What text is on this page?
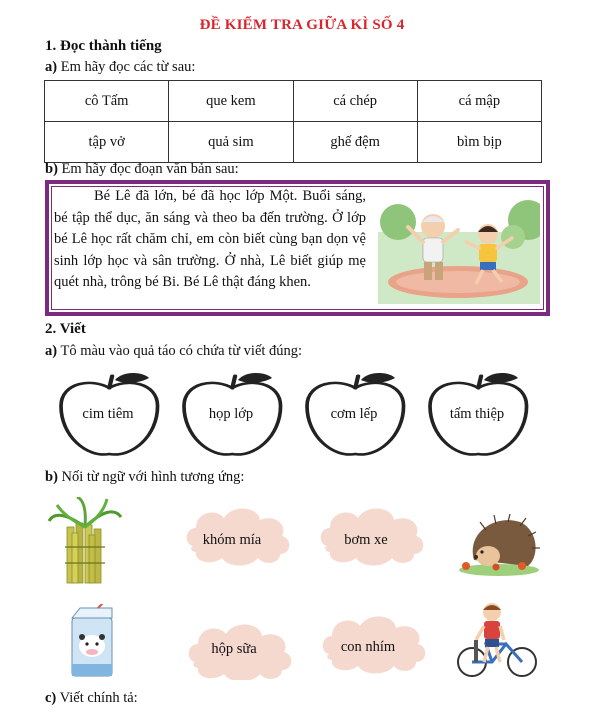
ĐỀ KIỂM TRA GIỮA KÌ SỐ 4
1. Đọc thành tiếng
a) Em hãy đọc các từ sau:
cô Tấm	que kem	cá chép	cá mập
tập vở	quả sim	ghế đệm	bìm bịp
b) Em hãy đọc đoạn văn bản sau:
Bé Lê đã lớn, bé đã học lớp Một. Buổi sáng, bé tập thể dục, ăn sáng và theo ba đến trường. Ở lớp bé Lê học rất chăm chỉ, em còn biết cùng bạn dọn vệ sinh lớp học và sân trường. Ở nhà, Lê biết giúp mẹ quét nhà, trông bé Bi. Bé Lê thật đáng khen.
2. Viết
a) Tô màu vào quả táo có chứa từ viết đúng:
cim tiêm	họp lớp	cơm lếp	tấm thiệp
b) Nối từ ngữ với hình tương ứng:
khóm mía	bơm xe
hộp sữa	con nhím
c) Viết chính tả:
